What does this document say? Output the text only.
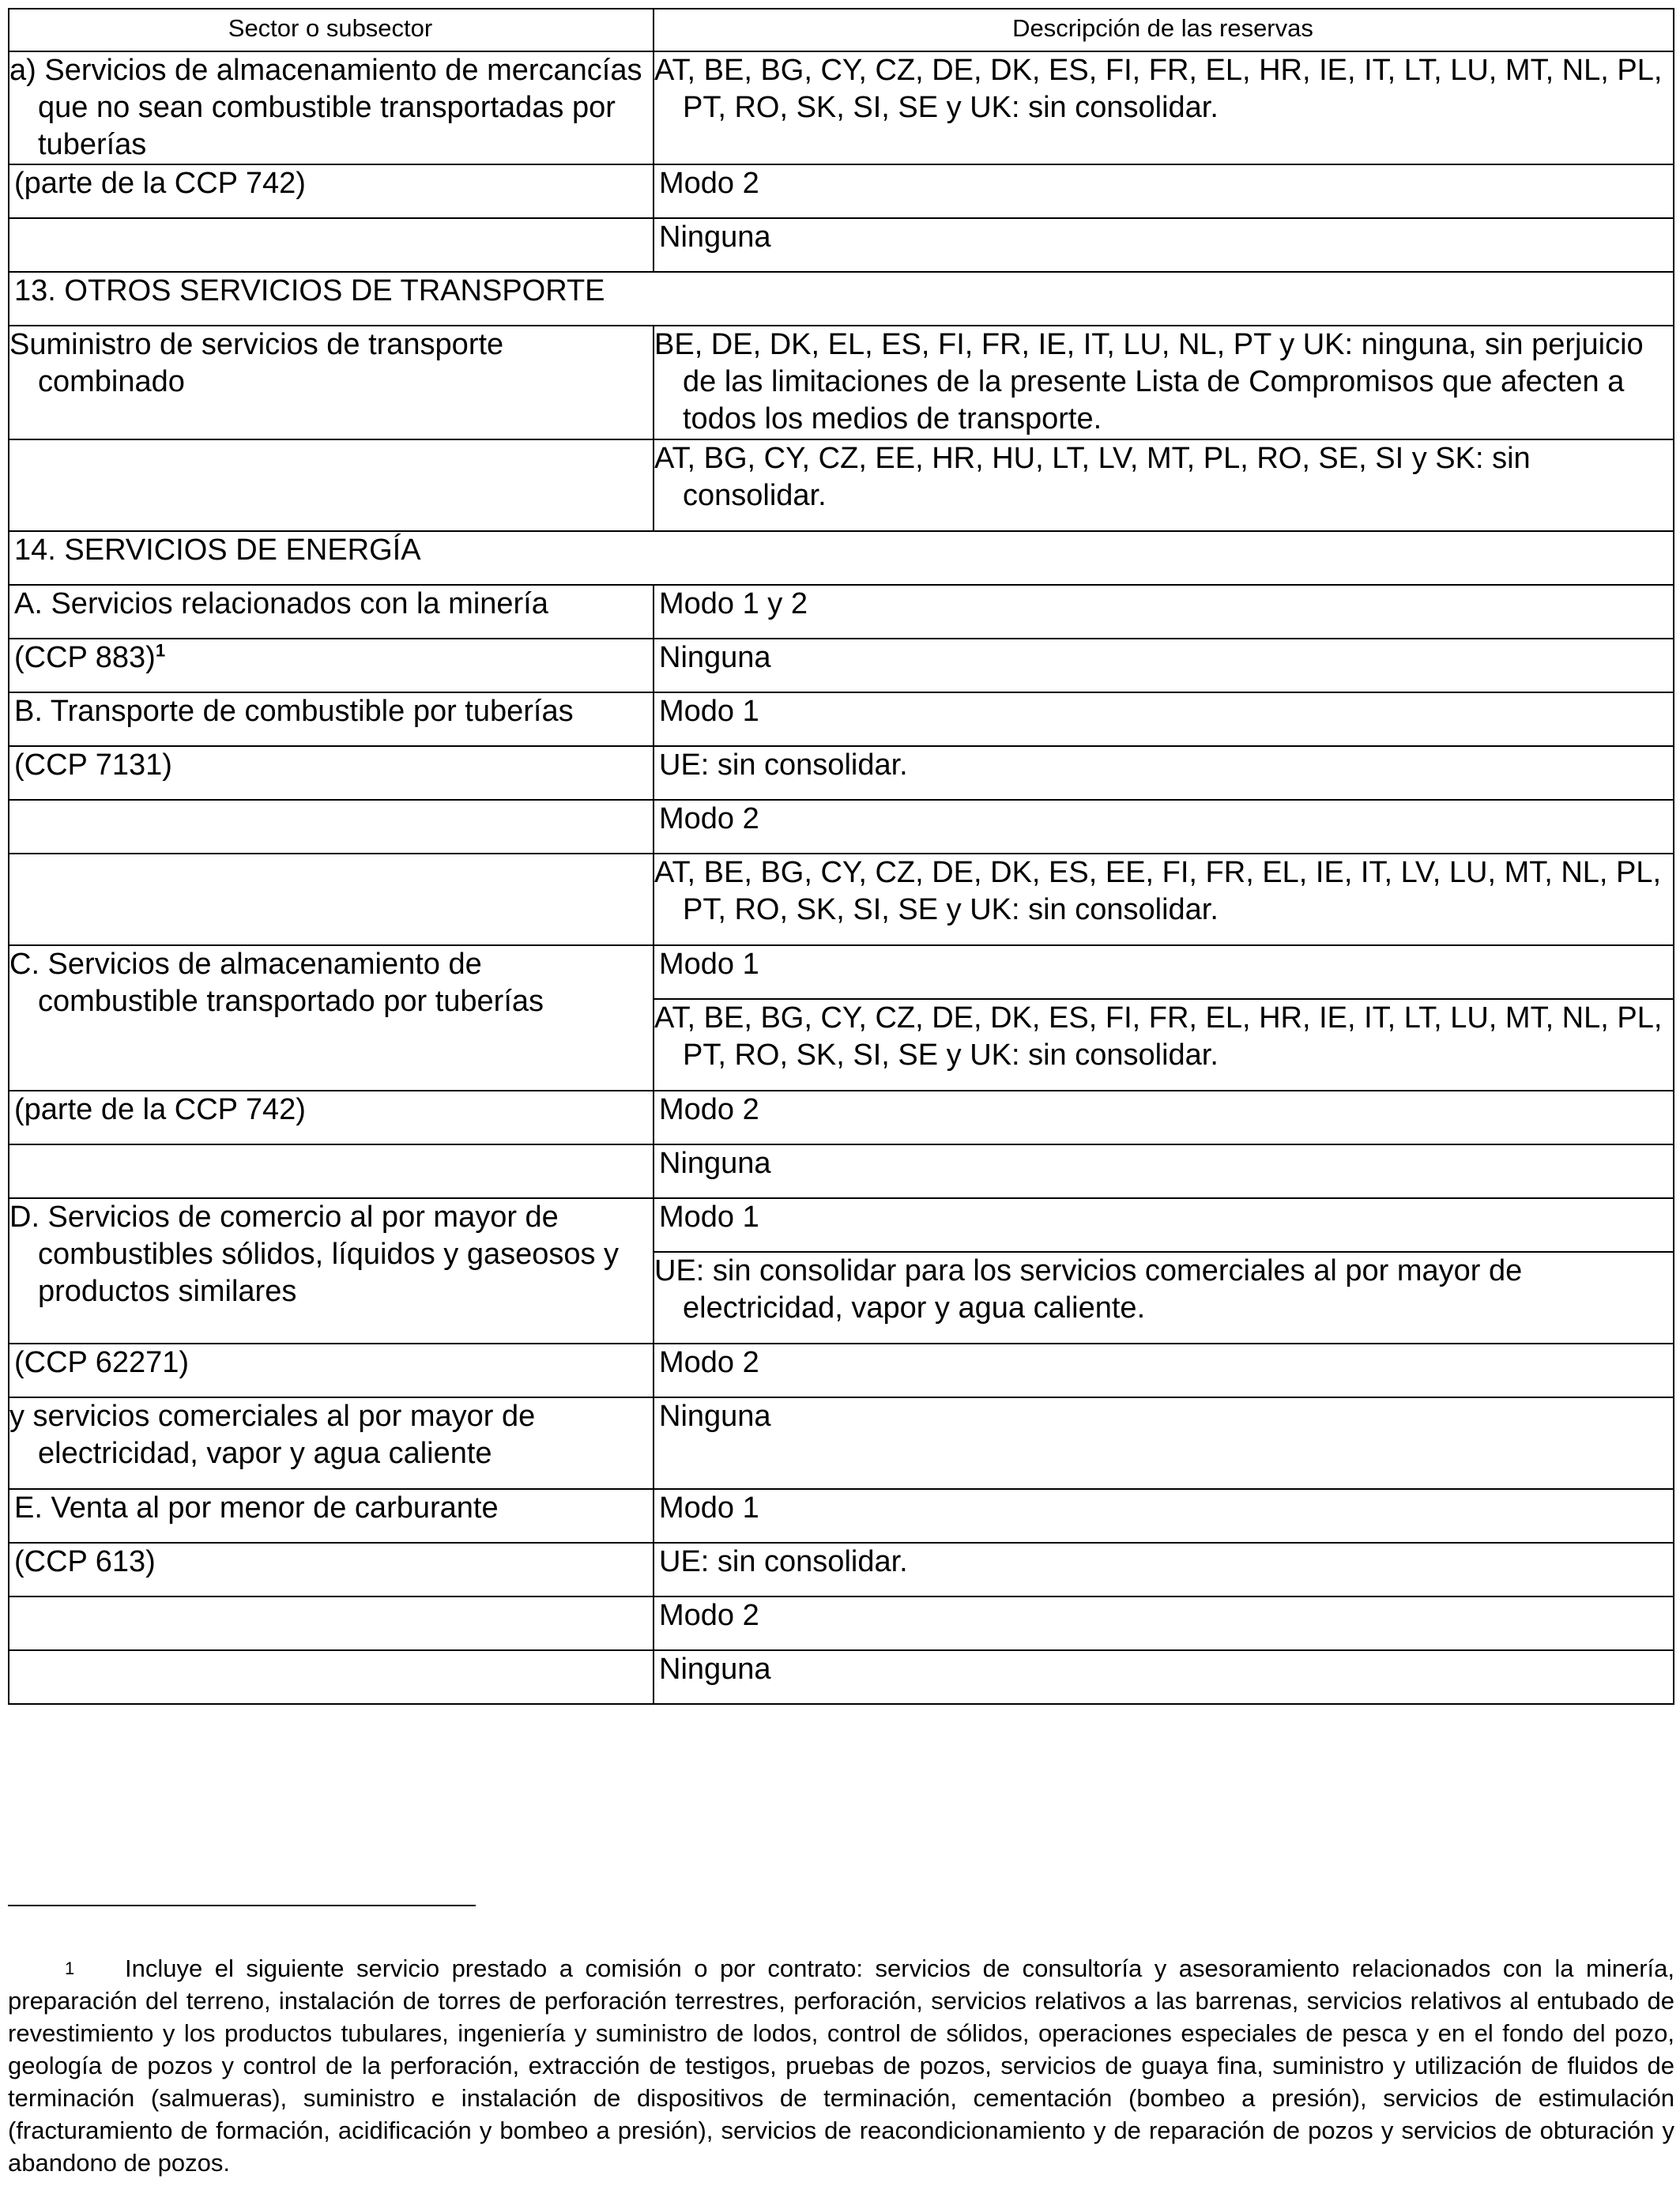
Sector o subsector	Descripción de las reservas
a) Servicios de almacenamiento de mercancías que no sean combustible transportadas por tuberías	AT, BE, BG, CY, CZ, DE, DK, ES, FI, FR, EL, HR, IE, IT, LT, LU, MT, NL, PL, PT, RO, SK, SI, SE y UK: sin consolidar.
(parte de la CCP 742)	Modo 2
	Ninguna
13. OTROS SERVICIOS DE TRANSPORTE	
Suministro de servicios de transporte combinado	BE, DE, DK, EL, ES, FI, FR, IE, IT, LU, NL, PT y UK: ninguna, sin perjuicio de las limitaciones de la presente Lista de Compromisos que afecten a todos los medios de transporte.
	AT, BG, CY, CZ, EE, HR, HU, LT, LV, MT, PL, RO, SE, SI y SK: sin consolidar.
14. SERVICIOS DE ENERGÍA	
A. Servicios relacionados con la minería	Modo 1 y 2
(CCP 883)$^1$	Ninguna
B. Transporte de combustible por tuberías	Modo 1
(CCP 7131)	UE: sin consolidar.
	Modo 2
	AT, BE, BG, CY, CZ, DE, DK, ES, EE, FI, FR, EL, IE, IT, LV, LU, MT, NL, PL, PT, RO, SK, SI, SE y UK: sin consolidar.
C. Servicios de almacenamiento de combustible transportado por tuberías	Modo 1
	AT, BE, BG, CY, CZ, DE, DK, ES, FI, FR, EL, HR, IE, IT, LT, LU, MT, NL, PL, PT, RO, SK, SI, SE y UK: sin consolidar.
(parte de la CCP 742)	Modo 2
	Ninguna
D. Servicios de comercio al por mayor de combustibles sólidos, líquidos y gaseosos y productos similares	Modo 1
	UE: sin consolidar para los servicios comerciales al por mayor de electricidad, vapor y agua caliente.
(CCP 62271)	Modo 2
y servicios comerciales al por mayor de electricidad, vapor y agua caliente	Ninguna
E. Venta al por menor de carburante	Modo 1
(CCP 613)	UE: sin consolidar.
	Modo 2
	Ninguna
1 Incluye el siguiente servicio prestado a comisión o por contrato: servicios de consultoría y asesoramiento relacionados con la minería, preparación del terreno, instalación de torres de perforación terrestres, perforación, servicios relativos a las barrenas, servicios relativos al entubado de revestimiento y los productos tubulares, ingeniería y suministro de lodos, control de sólidos, operaciones especiales de pesca y en el fondo del pozo, geología de pozos y control de la perforación, extracción de testigos, pruebas de pozos, servicios de guaya fina, suministro y utilización de fluidos de terminación (salmueras), suministro e instalación de dispositivos de terminación, cementación (bombeo a presión), servicios de estimulación (fracturamiento de formación, acidificación y bombeo a presión), servicios de reacondicionamiento y de reparación de pozos y servicios de obturación y abandono de pozos.
